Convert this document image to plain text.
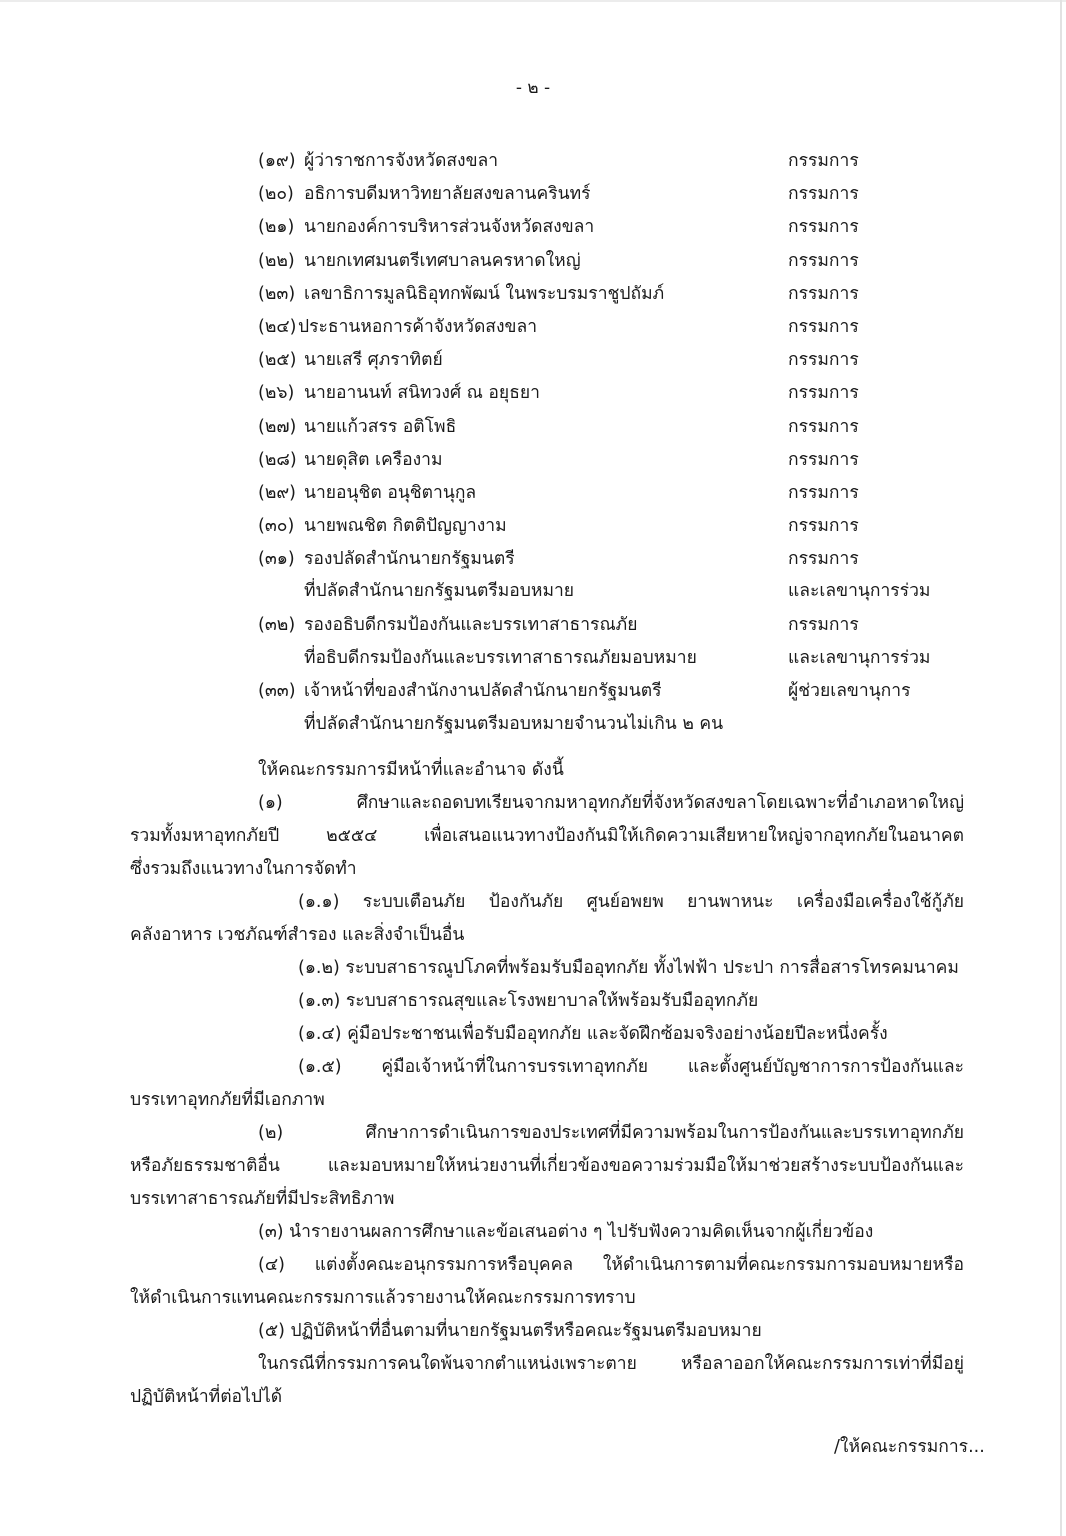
- ๒ -
(๑๙) ผู้ว่าราชการจังหวัดสงขลา	กรรมการ
(๒๐) อธิการบดีมหาวิทยาลัยสงขลานครินทร์	กรรมการ
(๒๑) นายกองค์การบริหารส่วนจังหวัดสงขลา	กรรมการ
(๒๒) นายกเทศมนตรีเทศบาลนครหาดใหญ่	กรรมการ
(๒๓) เลขาธิการมูลนิธิอุทกพัฒน์ ในพระบรมราชูปถัมภ์	กรรมการ
(๒๔)ประธานหอการค้าจังหวัดสงขลา	กรรมการ
(๒๕) นายเสรี ศุภราทิตย์	กรรมการ
(๒๖) นายอานนท์ สนิทวงศ์ ณ อยุธยา	กรรมการ
(๒๗) นายแก้วสรร อติโพธิ	กรรมการ
(๒๘) นายดุสิต เครืองาม	กรรมการ
(๒๙) นายอนุชิต อนุชิตานุกูล	กรรมการ
(๓๐) นายพณชิต กิตติปัญญางาม	กรรมการ
(๓๑) รองปลัดสำนักนายกรัฐมนตรี	กรรมการ
ที่ปลัดสำนักนายกรัฐมนตรีมอบหมาย	และเลขานุการร่วม
(๓๒) รองอธิบดีกรมป้องกันและบรรเทาสาธารณภัย	กรรมการ
ที่อธิบดีกรมป้องกันและบรรเทาสาธารณภัยมอบหมาย	และเลขานุการร่วม
(๓๓) เจ้าหน้าที่ของสำนักงานปลัดสำนักนายกรัฐมนตรี	ผู้ช่วยเลขานุการ
ที่ปลัดสำนักนายกรัฐมนตรีมอบหมายจำนวนไม่เกิน ๒ คน
ให้คณะกรรมการมีหน้าที่และอำนาจ ดังนี้
(๑) ศึกษาและถอดบทเรียนจากมหาอุทกภัยที่จังหวัดสงขลาโดยเฉพาะที่อำเภอหาดใหญ่
รวมทั้งมหาอุทกภัยปี ๒๕๕๔ เพื่อเสนอแนวทางป้องกันมิให้เกิดความเสียหายใหญ่จากอุทกภัยในอนาคต
ซึ่งรวมถึงแนวทางในการจัดทำ
(๑.๑) ระบบเตือนภัย ป้องกันภัย ศูนย์อพยพ ยานพาหนะ เครื่องมือเครื่องใช้กู้ภัย
คลังอาหาร เวชภัณฑ์สำรอง และสิ่งจำเป็นอื่น
(๑.๒) ระบบสาธารณูปโภคที่พร้อมรับมืออุทกภัย ทั้งไฟฟ้า ประปา การสื่อสารโทรคมนาคม
(๑.๓) ระบบสาธารณสุขและโรงพยาบาลให้พร้อมรับมืออุทกภัย
(๑.๔) คู่มือประชาชนเพื่อรับมืออุทกภัย และจัดฝึกซ้อมจริงอย่างน้อยปีละหนึ่งครั้ง
(๑.๕) คู่มือเจ้าหน้าที่ในการบรรเทาอุทกภัย และตั้งศูนย์บัญชาการการป้องกันและ
บรรเทาอุทกภัยที่มีเอกภาพ
(๒) ศึกษาการดำเนินการของประเทศที่มีความพร้อมในการป้องกันและบรรเทาอุทกภัย
หรือภัยธรรมชาติอื่น และมอบหมายให้หน่วยงานที่เกี่ยวข้องขอความร่วมมือให้มาช่วยสร้างระบบป้องกันและ
บรรเทาสาธารณภัยที่มีประสิทธิภาพ
(๓) นำรายงานผลการศึกษาและข้อเสนอต่าง ๆ ไปรับฟังความคิดเห็นจากผู้เกี่ยวข้อง
(๔) แต่งตั้งคณะอนุกรรมการหรือบุคคล ให้ดำเนินการตามที่คณะกรรมการมอบหมายหรือ
ให้ดำเนินการแทนคณะกรรมการแล้วรายงานให้คณะกรรมการทราบ
(๕) ปฏิบัติหน้าที่อื่นตามที่นายกรัฐมนตรีหรือคณะรัฐมนตรีมอบหมาย
ในกรณีที่กรรมการคนใดพ้นจากตำแหน่งเพราะตาย หรือลาออกให้คณะกรรมการเท่าที่มีอยู่
ปฏิบัติหน้าที่ต่อไปได้
/ให้คณะกรรมการ...
